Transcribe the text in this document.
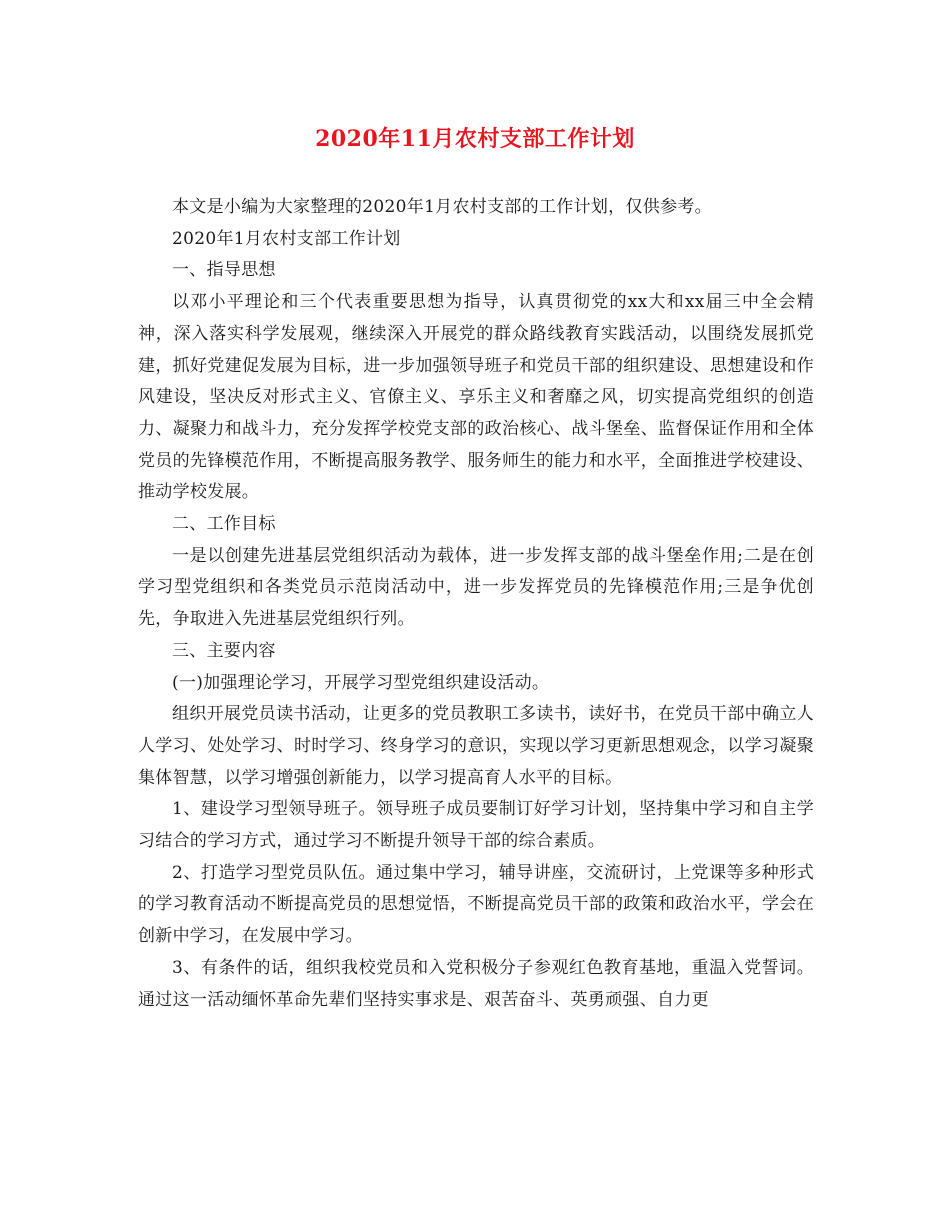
2020年11月农村支部工作计划

本文是小编为大家整理的2020年1月农村支部的工作计划，仅供参考。

2020年1月农村支部工作计划

一、指导思想

以邓小平理论和三个代表重要思想为指导，认真贯彻党的xx大和xx届三中全会精神，深入落实科学发展观，继续深入开展党的群众路线教育实践活动，以围绕发展抓党建，抓好党建促发展为目标，进一步加强领导班子和党员干部的组织建设、思想建设和作风建设，坚决反对形式主义、官僚主义、享乐主义和奢靡之风，切实提高党组织的创造力、凝聚力和战斗力，充分发挥学校党支部的政治核心、战斗堡垒、监督保证作用和全体党员的先锋模范作用，不断提高服务教学、服务师生的能力和水平，全面推进学校建设、推动学校发展。

二、工作目标

一是以创建先进基层党组织活动为载体，进一步发挥支部的战斗堡垒作用;二是在创学习型党组织和各类党员示范岗活动中，进一步发挥党员的先锋模范作用;三是争优创先，争取进入先进基层党组织行列。

三、主要内容

(一)加强理论学习，开展学习型党组织建设活动。

组织开展党员读书活动，让更多的党员教职工多读书，读好书，在党员干部中确立人人学习、处处学习、时时学习、终身学习的意识，实现以学习更新思想观念，以学习凝聚集体智慧，以学习增强创新能力，以学习提高育人水平的目标。

1、建设学习型领导班子。领导班子成员要制订好学习计划，坚持集中学习和自主学习结合的学习方式，通过学习不断提升领导干部的综合素质。

2、打造学习型党员队伍。通过集中学习，辅导讲座，交流研讨，上党课等多种形式的学习教育活动不断提高党员的思想觉悟，不断提高党员干部的政策和政治水平，学会在创新中学习，在发展中学习。

3、有条件的话，组织我校党员和入党积极分子参观红色教育基地，重温入党誓词。通过这一活动缅怀革命先辈们坚持实事求是、艰苦奋斗、英勇顽强、自力更
